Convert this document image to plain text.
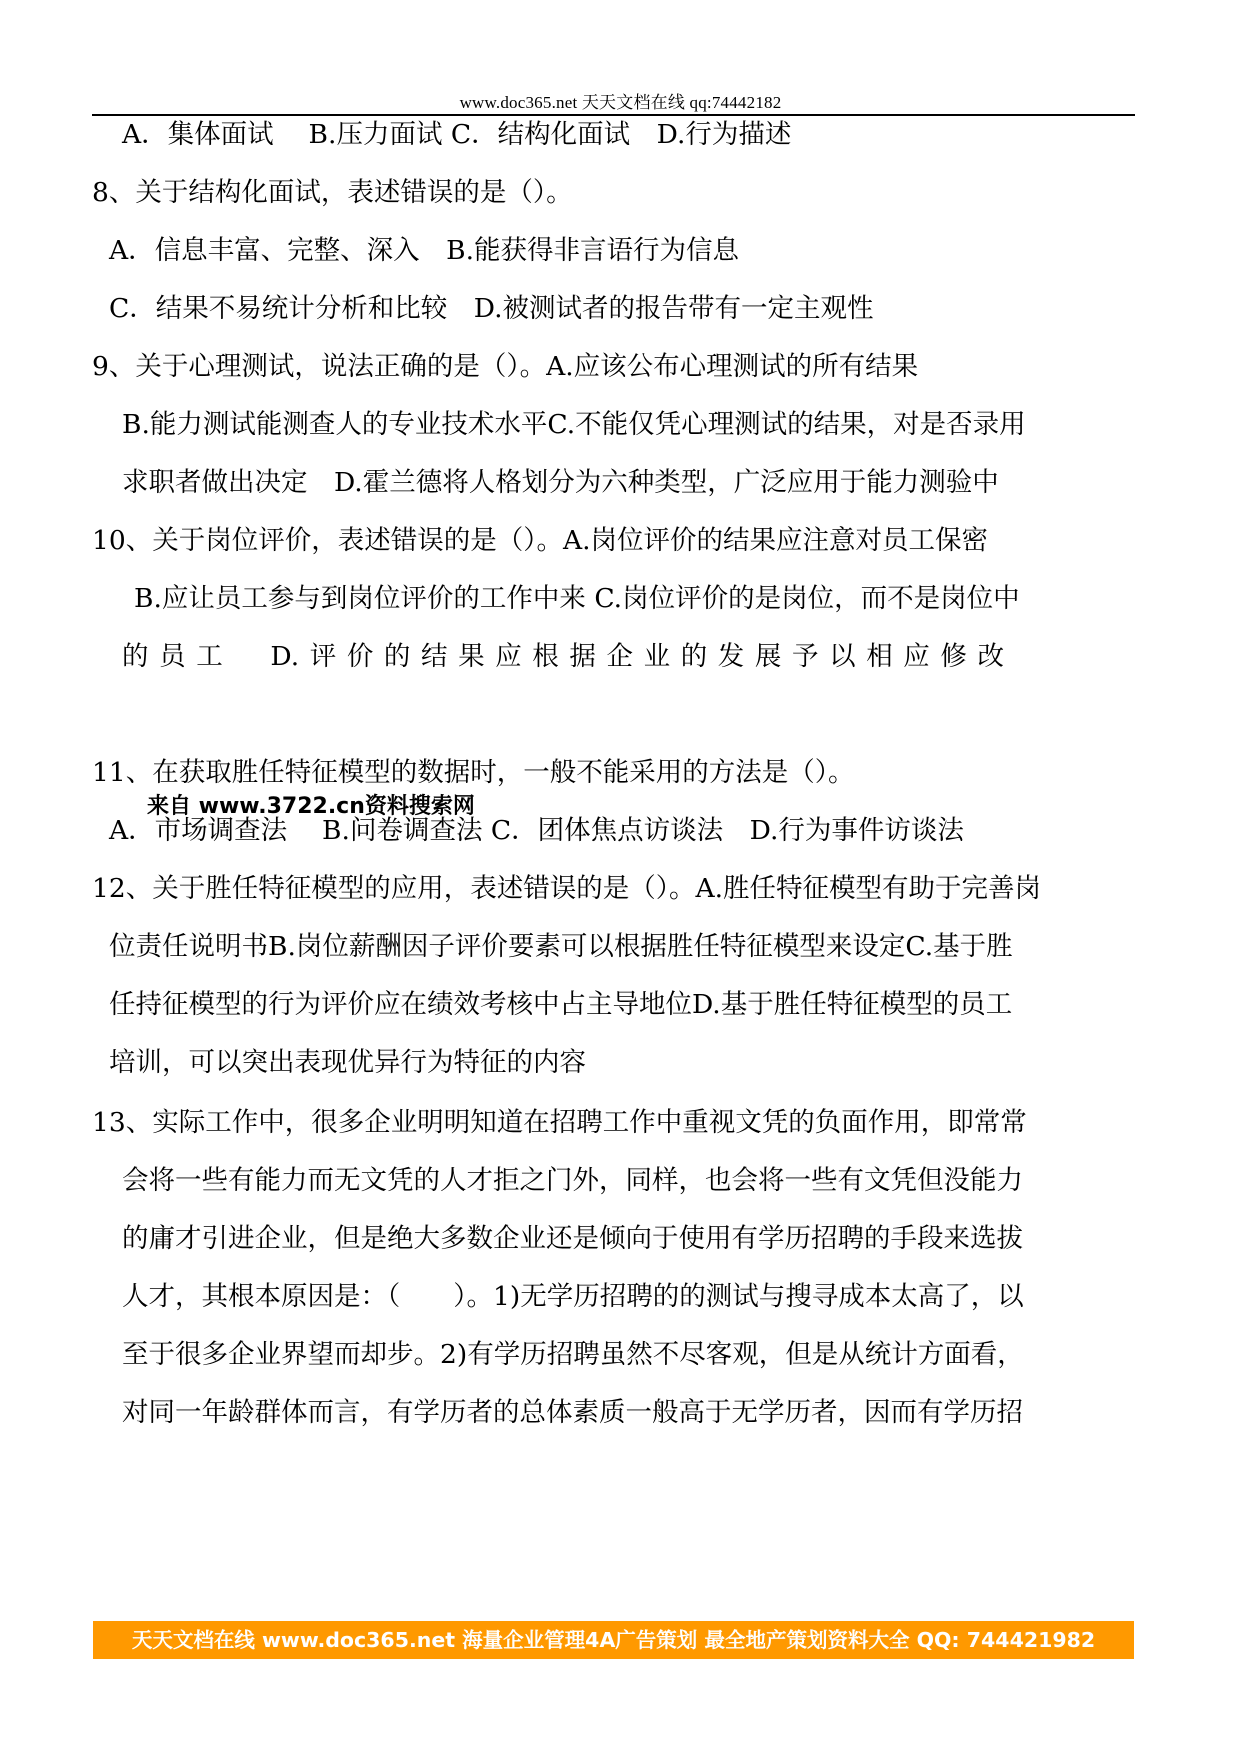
www.doc365.net 天天文档在线 qq:74442182
A．集体面试　 B.压力面试 C．结构化面试　D.行为描述
8、关于结构化面试，表述错误的是（）。
A．信息丰富、完整、深入　B.能获得非言语行为信息
C．结果不易统计分析和比较　D.被测试者的报告带有一定主观性
9、关于心理测试，说法正确的是（）。A.应该公布心理测试的所有结果
B.能力测试能测查人的专业技术水平C.不能仅凭心理测试的结果，对是否录用
求职者做出决定　D.霍兰德将人格划分为六种类型，广泛应用于能力测验中
10、关于岗位评价，表述错误的是（）。A.岗位评价的结果应注意对员工保密
B.应让员工参与到岗位评价的工作中来 C.岗位评价的是岗位，而不是岗位中
的员工　D.评价的结果应根据企业的发展予以相应修改
来自 www.3722.cn资料搜索网
11、在获取胜任特征模型的数据时，一般不能采用的方法是（）。
A．市场调查法　 B.问卷调查法 C．团体焦点访谈法　D.行为事件访谈法
12、关于胜任特征模型的应用，表述错误的是（）。A.胜任特征模型有助于完善岗
位责任说明书B.岗位薪酬因子评价要素可以根据胜任特征模型来设定C.基于胜
任持征模型的行为评价应在绩效考核中占主导地位D.基于胜任特征模型的员工
培训，可以突出表现优异行为特征的内容
13、实际工作中，很多企业明明知道在招聘工作中重视文凭的负面作用，即常常
会将一些有能力而无文凭的人才拒之门外，同样，也会将一些有文凭但没能力
的庸才引进企业，但是绝大多数企业还是倾向于使用有学历招聘的手段来选拔
人才，其根本原因是：（　　）。1)无学历招聘的的测试与搜寻成本太高了，以
至于很多企业界望而却步。2)有学历招聘虽然不尽客观，但是从统计方面看，
对同一年龄群体而言，有学历者的总体素质一般高于无学历者，因而有学历招
天天文档在线 www.doc365.net 海量企业管理4A广告策划 最全地产策划资料大全 QQ: 744421982
